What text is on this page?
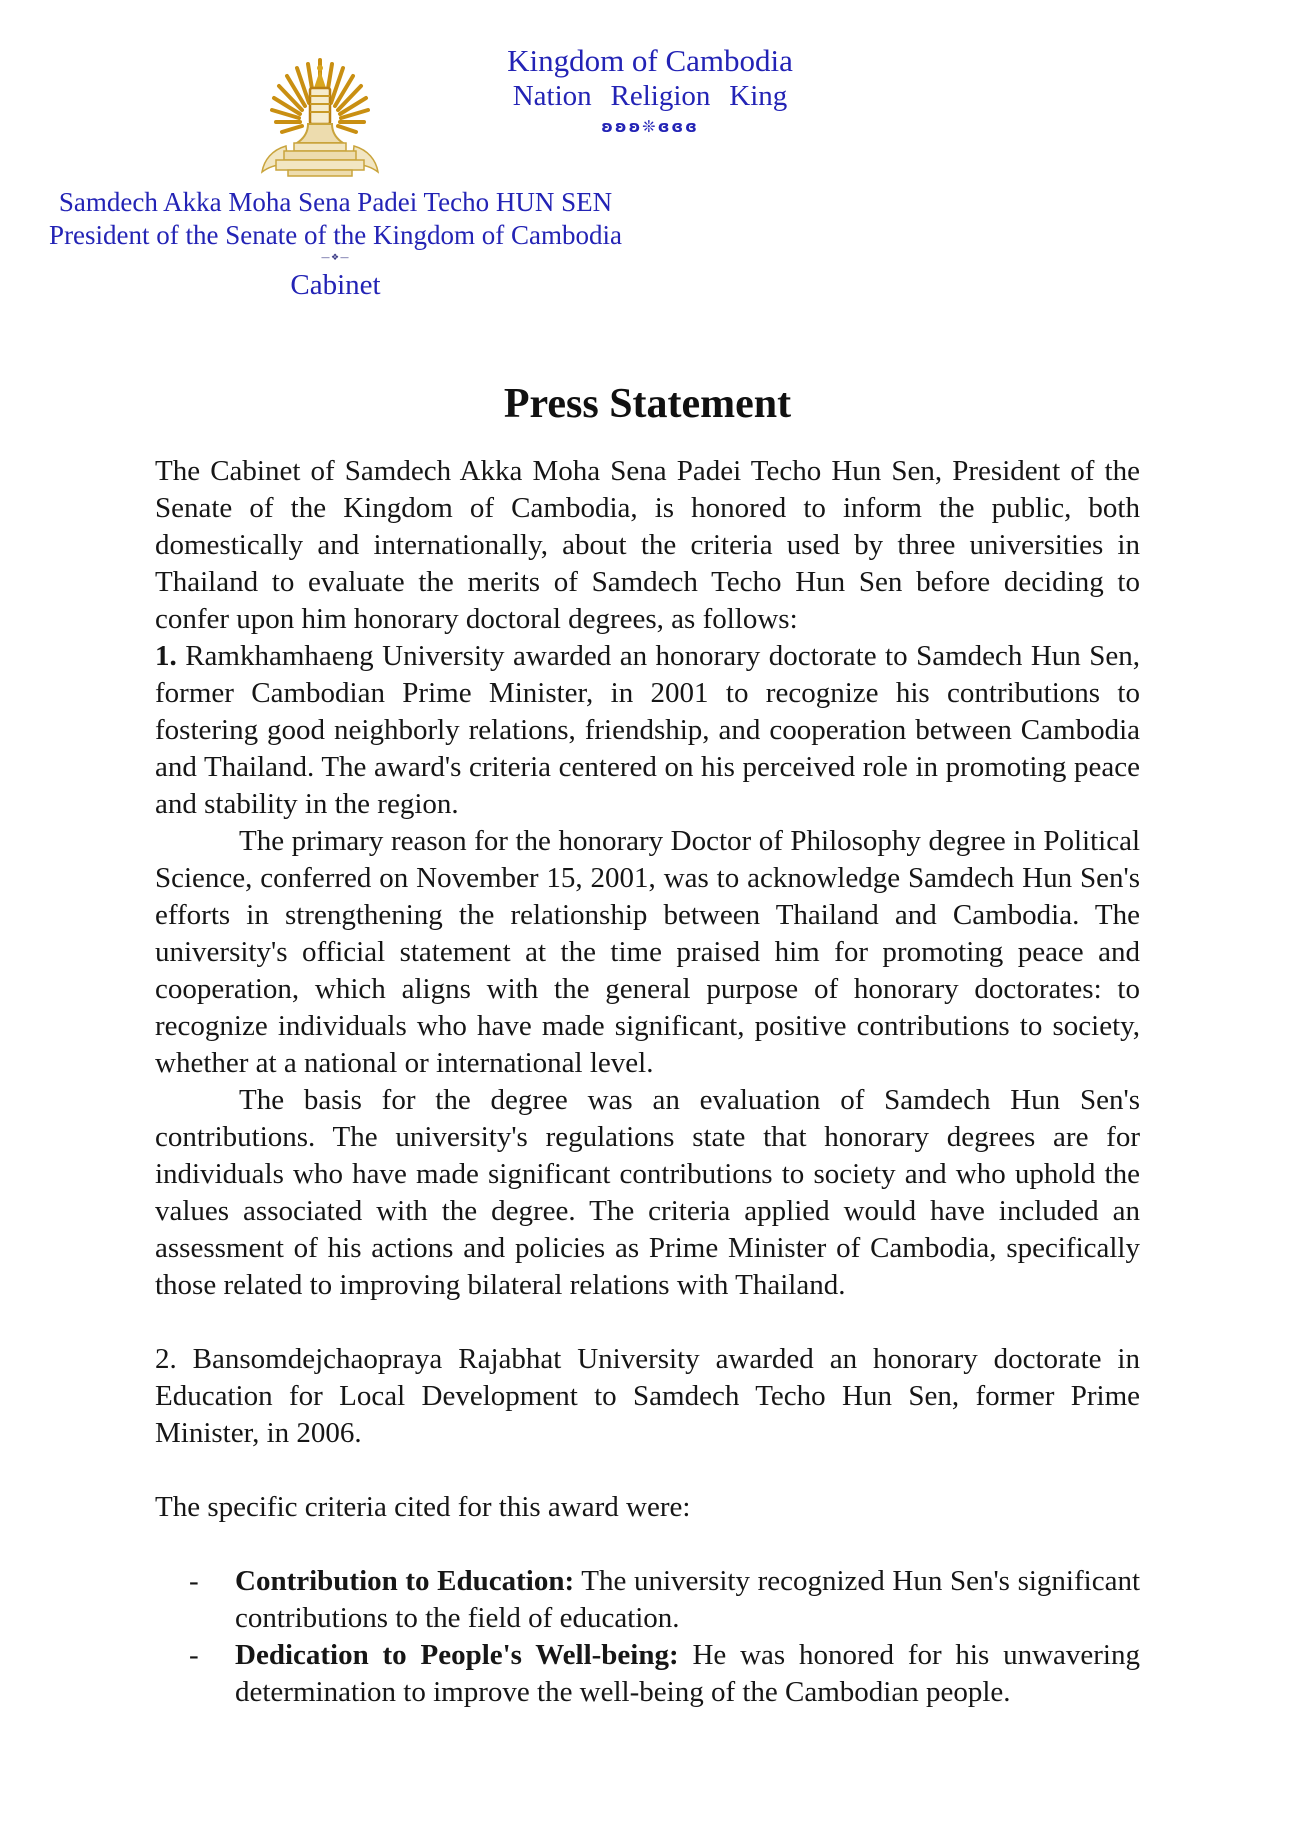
Kingdom of Cambodia
Nation Religion King
ʚʚʚ❊ɞɞɞ
Samdech Akka Moha Sena Padei Techo HUN SEN
President of the Senate of the Kingdom of Cambodia
—❖—
Cabinet
Press Statement

The Cabinet of Samdech Akka Moha Sena Padei Techo Hun Sen, President of the Senate of the Kingdom of Cambodia, is honored to inform the public, both domestically and internationally, about the criteria used by three universities in Thailand to evaluate the merits of Samdech Techo Hun Sen before deciding to confer upon him honorary doctoral degrees, as follows:

1. Ramkhamhaeng University awarded an honorary doctorate to Samdech Hun Sen, former Cambodian Prime Minister, in 2001 to recognize his contributions to fostering good neighborly relations, friendship, and cooperation between Cambodia and Thailand. The award's criteria centered on his perceived role in promoting peace and stability in the region.

The primary reason for the honorary Doctor of Philosophy degree in Political Science, conferred on November 15, 2001, was to acknowledge Samdech Hun Sen's efforts in strengthening the relationship between Thailand and Cambodia. The university's official statement at the time praised him for promoting peace and cooperation, which aligns with the general purpose of honorary doctorates: to recognize individuals who have made significant, positive contributions to society, whether at a national or international level.

The basis for the degree was an evaluation of Samdech Hun Sen's contributions. The university's regulations state that honorary degrees are for individuals who have made significant contributions to society and who uphold the values associated with the degree. The criteria applied would have included an assessment of his actions and policies as Prime Minister of Cambodia, specifically those related to improving bilateral relations with Thailand.

2. Bansomdejchaopraya Rajabhat University awarded an honorary doctorate in Education for Local Development to Samdech Techo Hun Sen, former Prime Minister, in 2006.

The specific criteria cited for this award were:

- Contribution to Education: The university recognized Hun Sen's significant contributions to the field of education.
- Dedication to People's Well-being: He was honored for his unwavering determination to improve the well-being of the Cambodian people.
